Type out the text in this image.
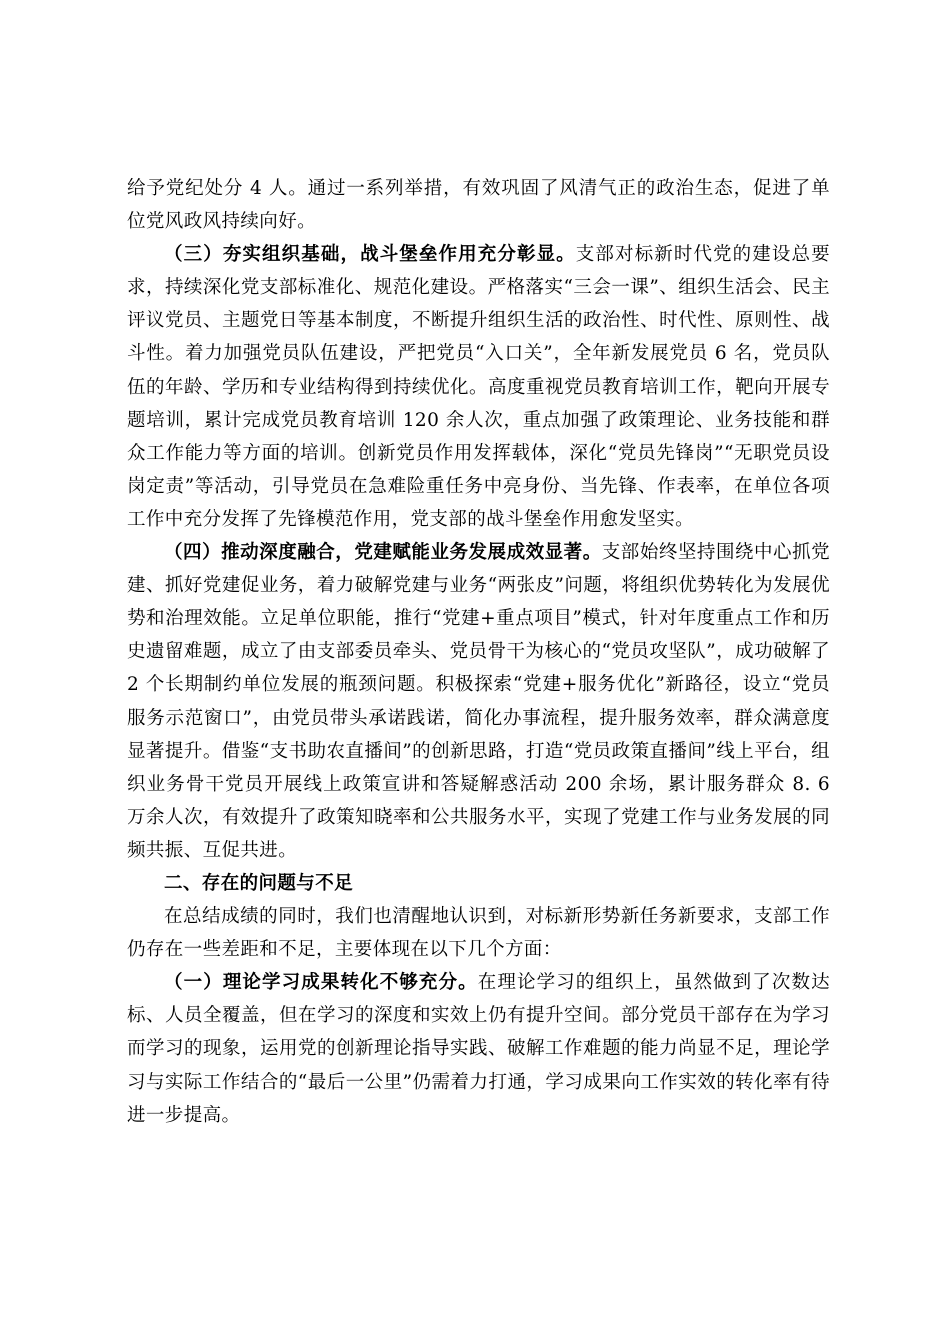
给予党纪处分 4 人。通过一系列举措，有效巩固了风清气正的政治生态，促进了单位党风政风持续向好。

（三）夯实组织基础，战斗堡垒作用充分彰显。支部对标新时代党的建设总要求，持续深化党支部标准化、规范化建设。严格落实“三会一课”、组织生活会、民主评议党员、主题党日等基本制度，不断提升组织生活的政治性、时代性、原则性、战斗性。着力加强党员队伍建设，严把党员“入口关”，全年新发展党员 6 名，党员队伍的年龄、学历和专业结构得到持续优化。高度重视党员教育培训工作，靶向开展专题培训，累计完成党员教育培训 120 余人次，重点加强了政策理论、业务技能和群众工作能力等方面的培训。创新党员作用发挥载体，深化“党员先锋岗”“无职党员设岗定责”等活动，引导党员在急难险重任务中亮身份、当先锋、作表率，在单位各项工作中充分发挥了先锋模范作用，党支部的战斗堡垒作用愈发坚实。

（四）推动深度融合，党建赋能业务发展成效显著。支部始终坚持围绕中心抓党建、抓好党建促业务，着力破解党建与业务“两张皮”问题，将组织优势转化为发展优势和治理效能。立足单位职能，推行“党建+重点项目”模式，针对年度重点工作和历史遗留难题，成立了由支部委员牵头、党员骨干为核心的“党员攻坚队”，成功破解了 2 个长期制约单位发展的瓶颈问题。积极探索“党建+服务优化”新路径，设立“党员服务示范窗口”，由党员带头承诺践诺，简化办事流程，提升服务效率，群众满意度显著提升。借鉴“支书助农直播间”的创新思路，打造“党员政策直播间”线上平台，组织业务骨干党员开展线上政策宣讲和答疑解惑活动 200 余场，累计服务群众 8. 6 万余人次，有效提升了政策知晓率和公共服务水平，实现了党建工作与业务发展的同频共振、互促共进。

二、存在的问题与不足

在总结成绩的同时，我们也清醒地认识到，对标新形势新任务新要求，支部工作仍存在一些差距和不足，主要体现在以下几个方面：

（一）理论学习成果转化不够充分。在理论学习的组织上，虽然做到了次数达标、人员全覆盖，但在学习的深度和实效上仍有提升空间。部分党员干部存在为学习而学习的现象，运用党的创新理论指导实践、破解工作难题的能力尚显不足，理论学习与实际工作结合的“最后一公里”仍需着力打通，学习成果向工作实效的转化率有待进一步提高。
